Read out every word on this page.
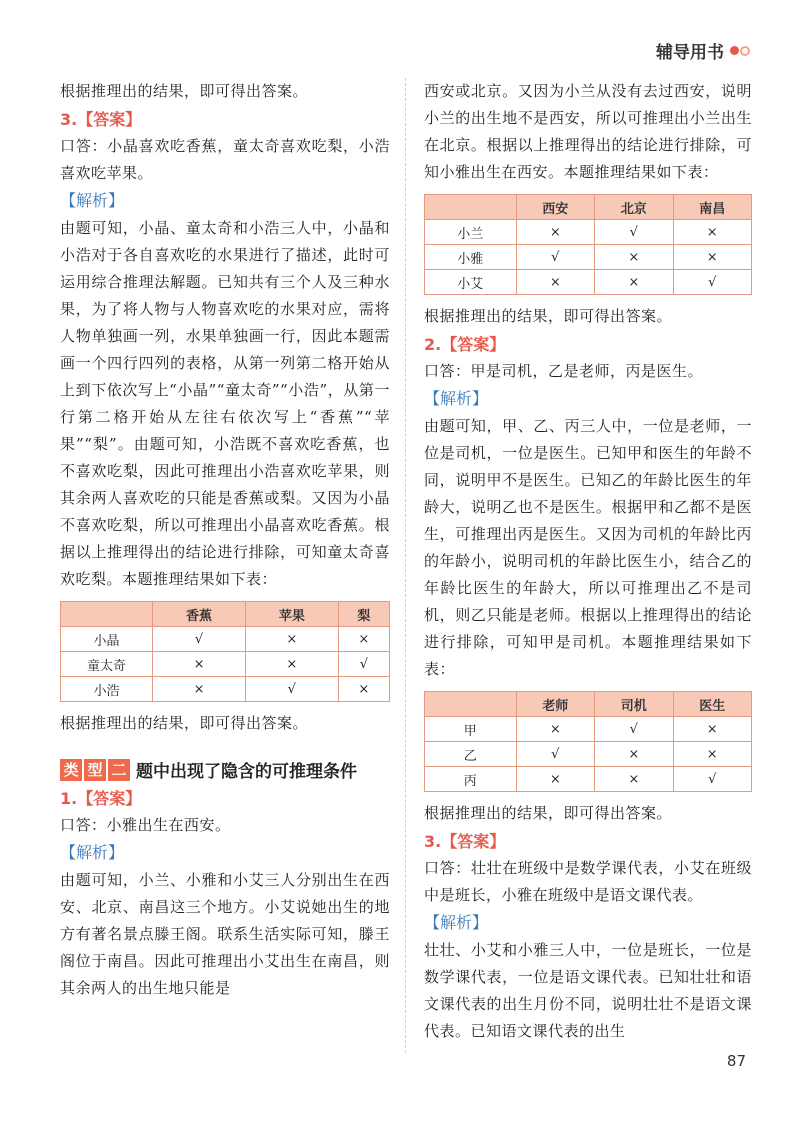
辅导用书

根据推理出的结果，即可得出答案。

3.【答案】

口答：小晶喜欢吃香蕉，童太奇喜欢吃梨，小浩喜欢吃苹果。

【解析】

由题可知，小晶、童太奇和小浩三人中，小晶和小浩对于各自喜欢吃的水果进行了描述，此时可运用综合推理法解题。已知共有三个人及三种水果，为了将人物与人物喜欢吃的水果对应，需将人物单独画一列，水果单独画一行，因此本题需画一个四行四列的表格，从第一列第二格开始从上到下依次写上“小晶”“童太奇”“小浩”，从第一行第二格开始从左往右依次写上“香蕉”“苹果”“梨”。由题可知，小浩既不喜欢吃香蕉，也不喜欢吃梨，因此可推理出小浩喜欢吃苹果，则其余两人喜欢吃的只能是香蕉或梨。又因为小晶不喜欢吃梨，所以可推理出小晶喜欢吃香蕉。根据以上推理得出的结论进行排除，可知童太奇喜欢吃梨。本题推理结果如下表：

	香蕉	苹果	梨
小晶	√	×	×
童太奇	×	×	√
小浩	×	√	×

根据推理出的结果，即可得出答案。

类 型 二 题中出现了隐含的可推理条件

1.【答案】

口答：小雅出生在西安。

【解析】

由题可知，小兰、小雅和小艾三人分别出生在西安、北京、南昌这三个地方。小艾说她出生的地方有著名景点滕王阁。联系生活实际可知，滕王阁位于南昌。因此可推理出小艾出生在南昌，则其余两人的出生地只能是

西安或北京。又因为小兰从没有去过西安，说明小兰的出生地不是西安，所以可推理出小兰出生在北京。根据以上推理得出的结论进行排除，可知小雅出生在西安。本题推理结果如下表：

	西安	北京	南昌
小兰	×	√	×
小雅	√	×	×
小艾	×	×	√

根据推理出的结果，即可得出答案。

2.【答案】

口答：甲是司机，乙是老师，丙是医生。

【解析】

由题可知，甲、乙、丙三人中，一位是老师，一位是司机，一位是医生。已知甲和医生的年龄不同，说明甲不是医生。已知乙的年龄比医生的年龄大，说明乙也不是医生。根据甲和乙都不是医生，可推理出丙是医生。又因为司机的年龄比丙的年龄小，说明司机的年龄比医生小，结合乙的年龄比医生的年龄大，所以可推理出乙不是司机，则乙只能是老师。根据以上推理得出的结论进行排除，可知甲是司机。本题推理结果如下表：

	老师	司机	医生
甲	×	√	×
乙	√	×	×
丙	×	×	√

根据推理出的结果，即可得出答案。

3.【答案】

口答：壮壮在班级中是数学课代表，小艾在班级中是班长，小雅在班级中是语文课代表。

【解析】

壮壮、小艾和小雅三人中，一位是班长，一位是数学课代表，一位是语文课代表。已知壮壮和语文课代表的出生月份不同，说明壮壮不是语文课代表。已知语文课代表的出生

87
